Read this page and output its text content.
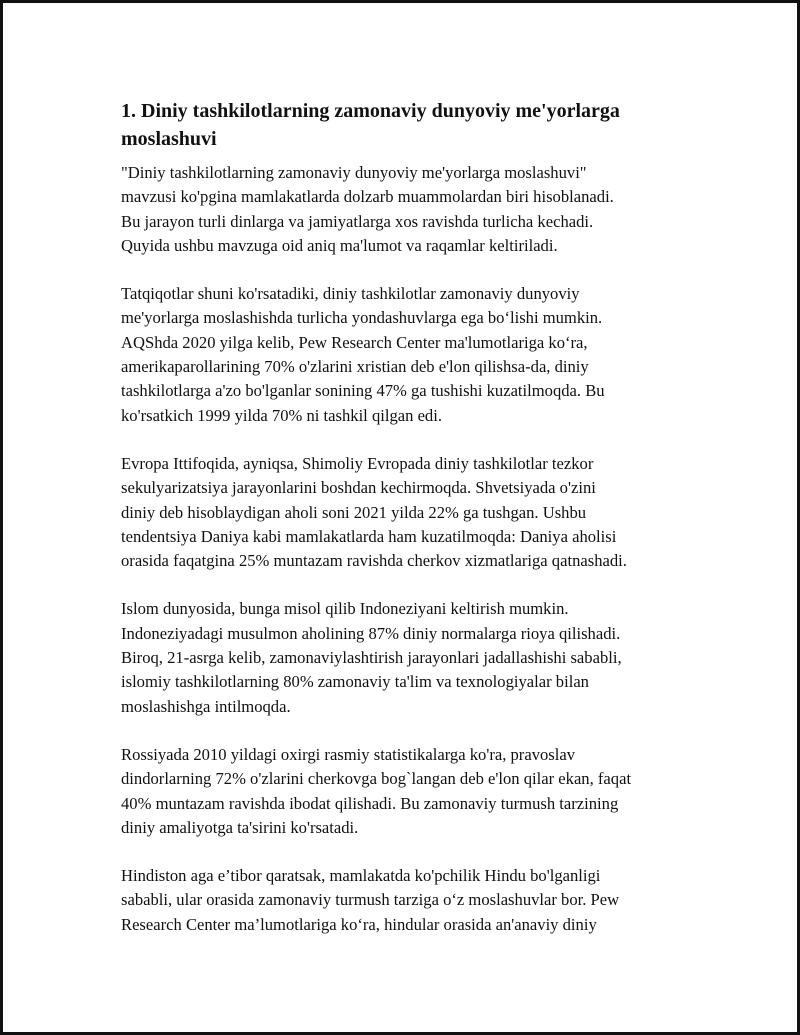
1. Diniy tashkilotlarning zamonaviy dunyoviy me'yorlarga
moslashuvi

"Diniy tashkilotlarning zamonaviy dunyoviy me'yorlarga moslashuvi"
mavzusi ko'pgina mamlakatlarda dolzarb muammolardan biri hisoblanadi.
Bu jarayon turli dinlarga va jamiyatlarga xos ravishda turlicha kechadi.
Quyida ushbu mavzuga oid aniq ma'lumot va raqamlar keltiriladi.

Tatqiqotlar shuni ko'rsatadiki, diniy tashkilotlar zamonaviy dunyoviy
me'yorlarga moslashishda turlicha yondashuvlarga ega bo‘lishi mumkin.
AQShda 2020 yilga kelib, Pew Research Center ma'lumotlariga ko‘ra,
amerikaparollarining 70% o'zlarini xristian deb e'lon qilishsa-da, diniy
tashkilotlarga a'zo bo'lganlar sonining 47% ga tushishi kuzatilmoqda. Bu
ko'rsatkich 1999 yilda 70% ni tashkil qilgan edi.

Evropa Ittifoqida, ayniqsa, Shimoliy Evropada diniy tashkilotlar tezkor
sekulyarizatsiya jarayonlarini boshdan kechirmoqda. Shvetsiyada o'zini
diniy deb hisoblaydigan aholi soni 2021 yilda 22% ga tushgan. Ushbu
tendentsiya Daniya kabi mamlakatlarda ham kuzatilmoqda: Daniya aholisi
orasida faqatgina 25% muntazam ravishda cherkov xizmatlariga qatnashadi.

Islom dunyosida, bunga misol qilib Indoneziyani keltirish mumkin.
Indoneziyadagi musulmon aholining 87% diniy normalarga rioya qilishadi.
Biroq, 21-asrga kelib, zamonaviylashtirish jarayonlari jadallashishi sababli,
islomiy tashkilotlarning 80% zamonaviy ta'lim va texnologiyalar bilan
moslashishga intilmoqda.

Rossiyada 2010 yildagi oxirgi rasmiy statistikalarga ko'ra, pravoslav
dindorlarning 72% o'zlarini cherkovga bog`langan deb e'lon qilar ekan, faqat
40% muntazam ravishda ibodat qilishadi. Bu zamonaviy turmush tarzining
diniy amaliyotga ta'sirini ko'rsatadi.

Hindiston aga e’tibor qaratsak, mamlakatda ko'pchilik Hindu bo'lganligi
sababli, ular orasida zamonaviy turmush tarziga o‘z moslashuvlar bor. Pew
Research Center ma’lumotlariga ko‘ra, hindular orasida an'anaviy diniy
